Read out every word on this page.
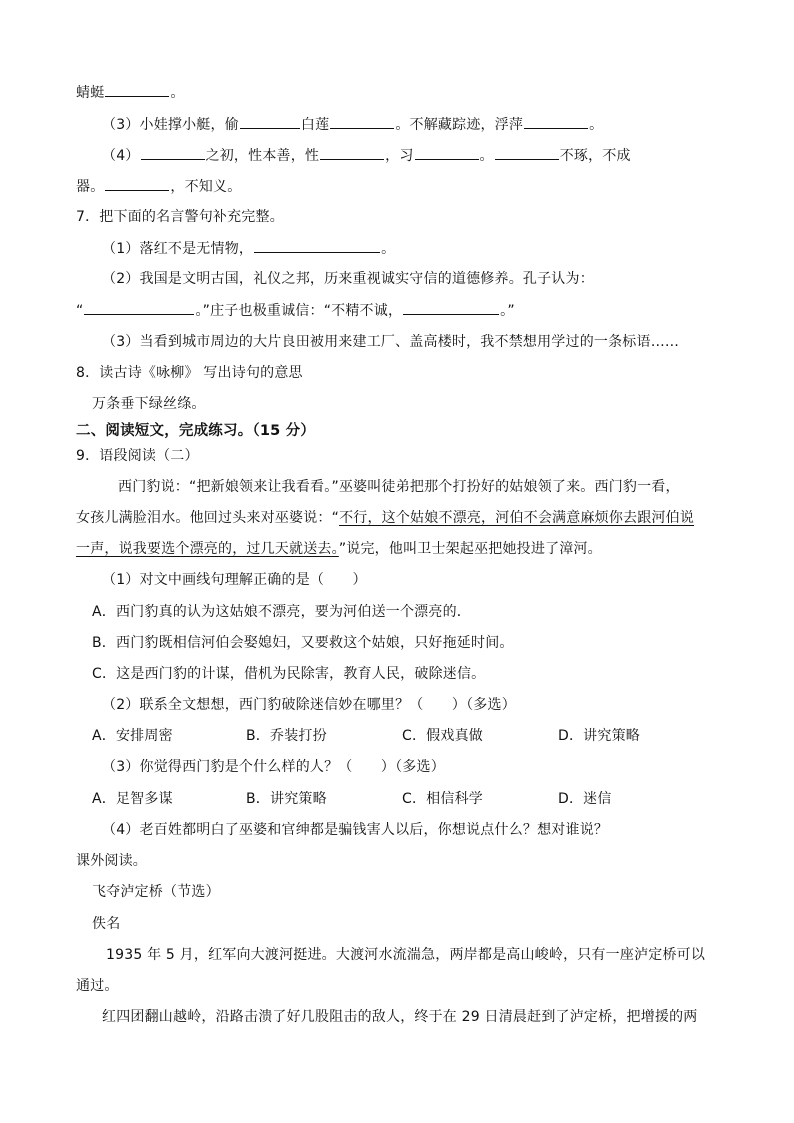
蜻蜓	。
（3）小娃撑小艇，偷	白莲	。不解藏踪迹，浮萍	。
（4）	之初，性本善，性	，习	。	不琢，不成
器。	，不知义。
7．把下面的名言警句补充完整。
（1）落红不是无情物，	。
（2）我国是文明古国，礼仪之邦，历来重视诚实守信的道德修养。孔子认为：
“	。”庄子也极重诚信：“不精不诚，	。”
（3）当看到城市周边的大片良田被用来建工厂、盖高楼时，我不禁想用学过的一条标语……
8．读古诗《咏柳》 写出诗句的意思
万条垂下绿丝绦。
二、阅读短文，完成练习。（15 分）
9．语段阅读（二）
西门豹说：“把新娘领来让我看看。”巫婆叫徒弟把那个打扮好的姑娘领了来。西门豹一看，
女孩儿满脸泪水。他回过头来对巫婆说：“不行，这个姑娘不漂亮，河伯不会满意麻烦你去跟河伯说
一声，说我要选个漂亮的，过几天就送去。”说完，他叫卫士架起巫把她投进了漳河。
（1）对文中画线句理解正确的是（　　）
A．西门豹真的认为这姑娘不漂亮，要为河伯送一个漂亮的．
B．西门豹既相信河伯会娶媳妇，又要救这个姑娘，只好拖延时间。
C．这是西门豹的计谋，借机为民除害，教育人民，破除迷信。
（2）联系全文想想，西门豹破除迷信妙在哪里？（　　）（多选）
A．安排周密	B．乔装打扮	C．假戏真做	D．讲究策略
（3）你觉得西门豹是个什么样的人？（　　）（多选）
A．足智多谋	B．讲究策略	C．相信科学	D．迷信
（4）老百姓都明白了巫婆和官绅都是骗钱害人以后，你想说点什么？想对谁说？
课外阅读。
飞夺泸定桥（节选）
佚名
1935 年 5 月，红军向大渡河挺进。大渡河水流湍急，两岸都是高山峻岭，只有一座泸定桥可以
通过。
红四团翻山越岭，沿路击溃了好几股阻击的敌人，终于在 29 日清晨赶到了泸定桥，把增援的两
